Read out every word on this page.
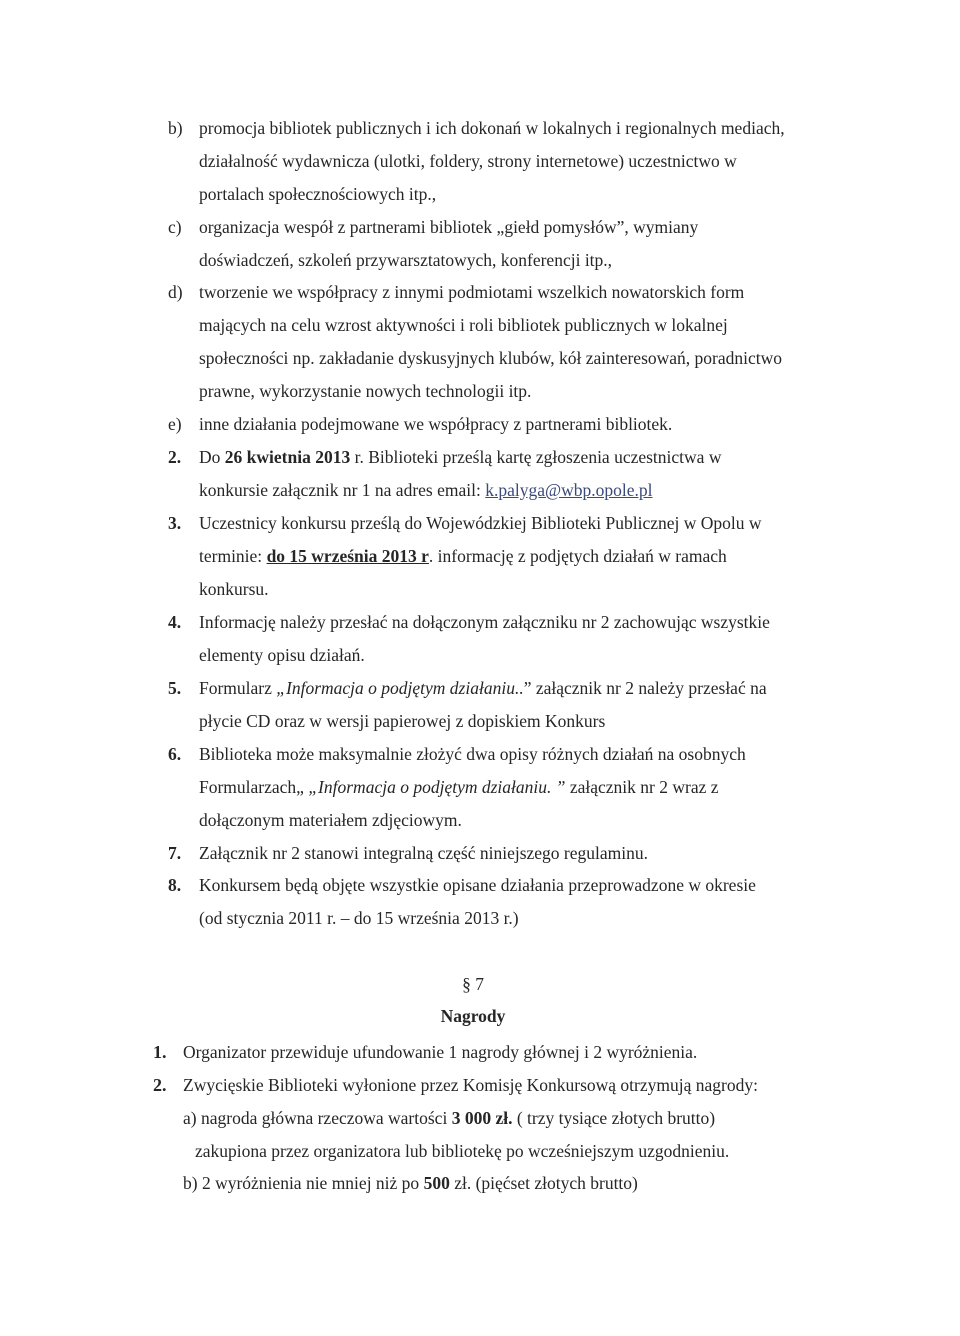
b) promocja bibliotek publicznych i ich dokonań w lokalnych i regionalnych mediach,
działalność wydawnicza (ulotki, foldery, strony internetowe) uczestnictwo w
portalach społecznościowych itp.,
c) organizacja wespół z partnerami bibliotek „giełd pomysłów”, wymiany
doświadczeń, szkoleń przywarsztatowych, konferencji itp.,
d) tworzenie we współpracy z innymi podmiotami wszelkich nowatorskich form
mających na celu wzrost aktywności i roli bibliotek publicznych w lokalnej
społeczności np. zakładanie dyskusyjnych klubów, kół zainteresowań, poradnictwo
prawne, wykorzystanie nowych technologii itp.
e) inne działania podejmowane we współpracy z partnerami bibliotek.
2. Do 26 kwietnia 2013 r. Biblioteki prześlą kartę zgłoszenia uczestnictwa w
konkursie załącznik nr 1 na adres email: k.palyga@wbp.opole.pl
3. Uczestnicy konkursu prześlą do Wojewódzkiej Biblioteki Publicznej w Opolu w
terminie: do 15 września 2013 r. informację z podjętych działań w ramach
konkursu.
4. Informację należy przesłać na dołączonym załączniku nr 2 zachowując wszystkie
elementy opisu działań.
5. Formularz „Informacja o podjętym działaniu..” załącznik nr 2 należy przesłać na
płycie CD oraz w wersji papierowej z dopiskiem Konkurs
6. Biblioteka może maksymalnie złożyć dwa opisy różnych działań na osobnych
Formularzach„ „Informacja o podjętym działaniu. ” załącznik nr 2 wraz z
dołączonym materiałem zdjęciowym.
7. Załącznik nr 2 stanowi integralną część niniejszego regulaminu.
8. Konkursem będą objęte wszystkie opisane działania przeprowadzone w okresie
(od stycznia 2011 r. – do 15 września 2013 r.)
§ 7
Nagrody
1. Organizator przewiduje ufundowanie 1 nagrody głównej i 2 wyróżnienia.
2. Zwycięskie Biblioteki wyłonione przez Komisję Konkursową otrzymują nagrody:
a) nagroda główna rzeczowa wartości 3 000 zł. ( trzy tysiące złotych brutto)
zakupiona przez organizatora lub bibliotekę po wcześniejszym uzgodnieniu.
b) 2 wyróżnienia nie mniej niż po 500 zł. (pięćset złotych brutto)
